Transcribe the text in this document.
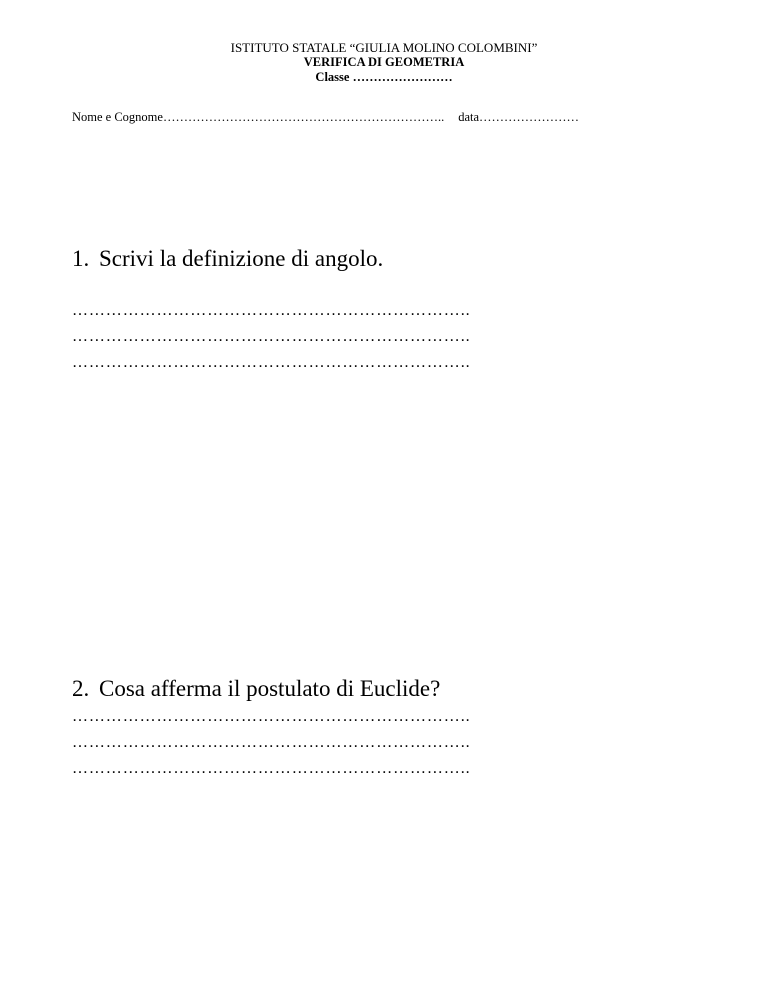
ISTITUTO STATALE “GIULIA MOLINO COLOMBINI”
VERIFICA DI GEOMETRIA
Classe ……………………
Nome e Cognome………………………………………………………….. data……………………
1. Scrivi la definizione di angolo.
……………………………………………………………..
……………………………………………………………..
……………………………………………………………..
2. Cosa afferma il postulato di Euclide?
……………………………………………………………..
……………………………………………………………..
……………………………………………………………..
